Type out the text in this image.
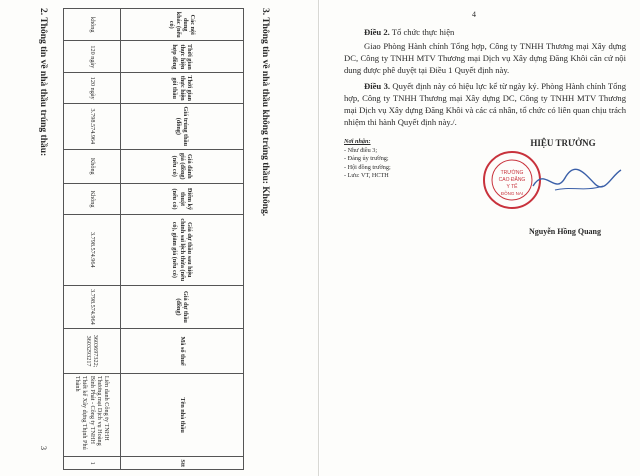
3
3. Thông tin về nhà thầu không trúng thầu: Không.
Các nội dung khác (nếu có)	Thời gian thực hiện hợp đồng	Thời gian thực hiện gói thầu	Giá trúng thầu (đồng)	Giá đánh giá (đồng) (nếu có)	Điểm kỹ thuật (nếu có)	Giá dự thầu sau hiệu chỉnh sai lệch thừa (nếu có), giảm giá (nếu có)	Giá dự thầu (đồng)	Mã số thuế	Tên nhà thầu	Stt
không	120 ngày	120 ngày	3.798.574.964	Không	Không	3.798.574.964	3.798.574.964	3603697322; 3603293217	Liên danh Công ty TNHH Thương mại Dịch vụ Hoàng Bình Phát - Công ty TNHH Thiết kế Xây dựng Thịnh Phú Thành	1
2. Thông tin về nhà thầu trúng thầu:	4
Điều 2. Tổ chức thực hiện
Giao Phòng Hành chính Tổng hợp, Công ty TNHH Thương mại Xây dựng DC, Công ty TNHH MTV Thương mại Dịch vụ Xây dựng Đăng Khôi căn cứ nội dung được phê duyệt tại Điều 1 Quyết định này.
Điều 3. Quyết định này có hiệu lực kể từ ngày ký. Phòng Hành chính Tổng hợp, Công ty TNHH Thương mại Xây dựng DC, Công ty TNHH MTV Thương mại Dịch vụ Xây dựng Đăng Khôi và các cá nhân, tổ chức có liên quan chịu trách nhiệm thi hành Quyết định này./.
Nơi nhận:
- Như điều 3;
- Đảng ủy trường;
- Hội đồng trường;
- Lưu: VT, HCTH
HIỆU TRƯỞNG
TRƯỜNG
CAO ĐẲNG
Y TẾ
ĐỒNG NAI
Nguyễn Hồng Quang
